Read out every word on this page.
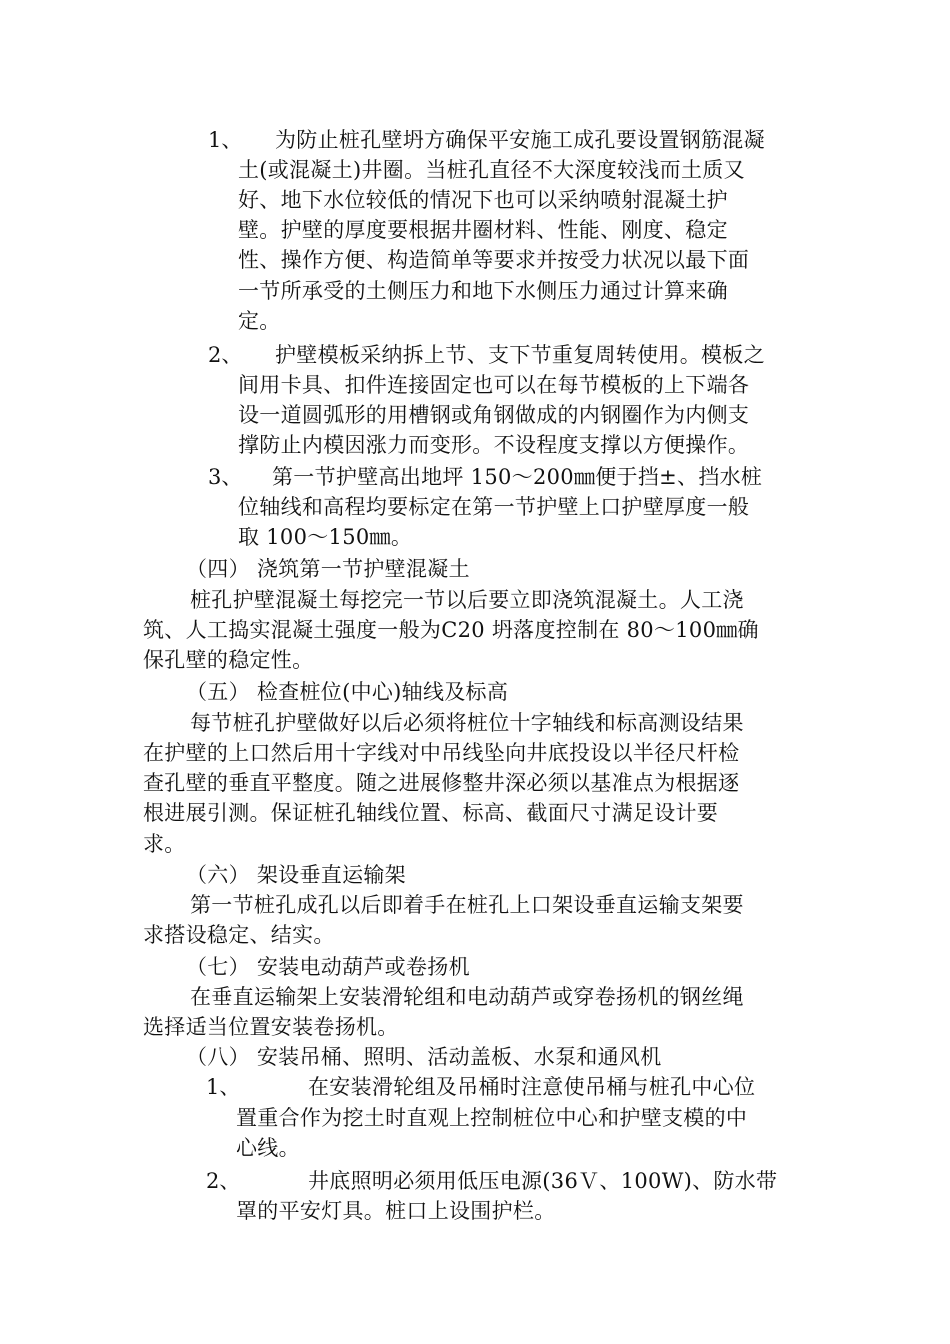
1、 为防止桩孔壁坍方确保平安施工成孔要设置钢筋混凝
土(或混凝土)井圈。当桩孔直径不大深度较浅而土质又
好、地下水位较低的情况下也可以采纳喷射混凝土护
壁。护壁的厚度要根据井圈材料、性能、刚度、稳定
性、操作方便、构造简单等要求并按受力状况以最下面
一节所承受的土侧压力和地下水侧压力通过计算来确
定。
2、 护壁模板采纳拆上节、支下节重复周转使用。模板之
间用卡具、扣件连接固定也可以在每节模板的上下端各
设一道圆弧形的用槽钢或角钢做成的内钢圈作为内侧支
撑防止内模因涨力而变形。不设程度支撑以方便操作。
3、 第一节护壁高出地坪 150～200㎜便于挡±、挡水桩
位轴线和高程均要标定在第一节护壁上口护壁厚度一般
取 100～150㎜。
（四） 浇筑第一节护壁混凝土
桩孔护壁混凝土每挖完一节以后要立即浇筑混凝土。人工浇
筑、人工捣实混凝土强度一般为C20 坍落度控制在 80～100㎜确
保孔壁的稳定性。
（五） 检查桩位(中心)轴线及标高
每节桩孔护壁做好以后必须将桩位十字轴线和标高测设结果
在护壁的上口然后用十字线对中吊线坠向井底投设以半径尺杆检
查孔壁的垂直平整度。随之进展修整井深必须以基准点为根据逐
根进展引测。保证桩孔轴线位置、标高、截面尺寸满足设计要
求。
（六） 架设垂直运输架
第一节桩孔成孔以后即着手在桩孔上口架设垂直运输支架要
求搭设稳定、结实。
（七） 安装电动葫芦或卷扬机
在垂直运输架上安装滑轮组和电动葫芦或穿卷扬机的钢丝绳
选择适当位置安装卷扬机。
（八） 安装吊桶、照明、活动盖板、水泵和通风机
1、	在安装滑轮组及吊桶时注意使吊桶与桩孔中心位
置重合作为挖土时直观上控制桩位中心和护壁支模的中
心线。
2、	井底照明必须用低压电源(36Ｖ、100W)、防水带
罩的平安灯具。桩口上设围护栏。
